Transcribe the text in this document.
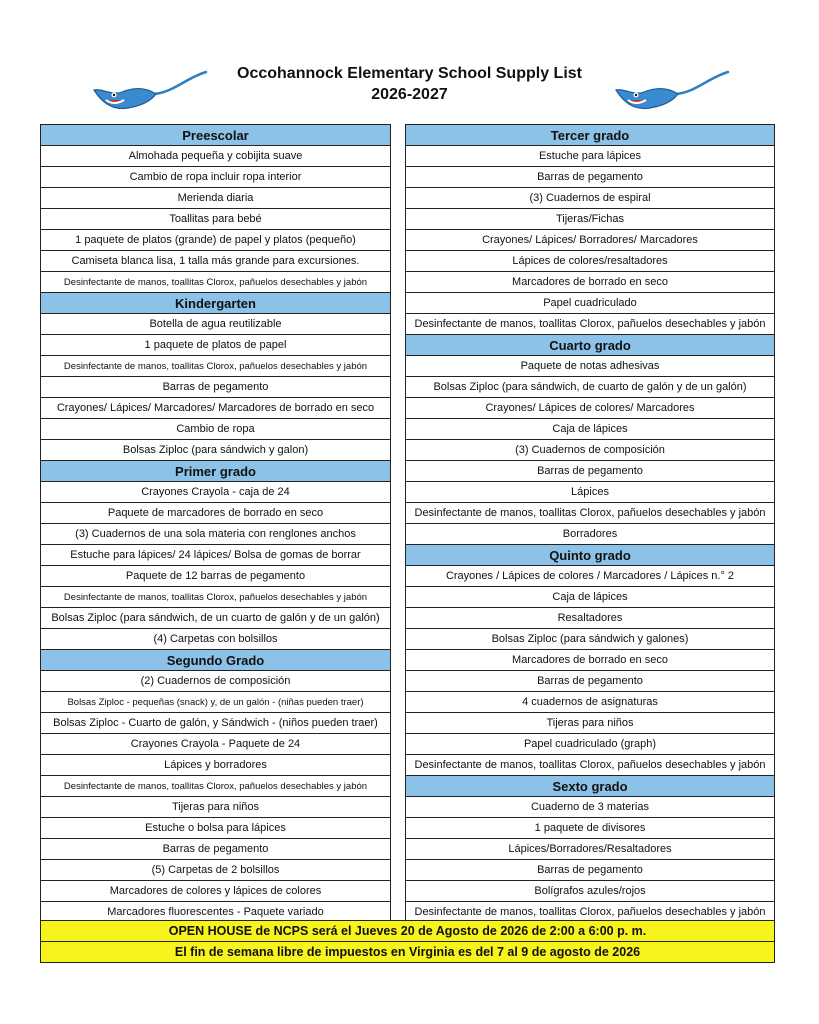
Occohannock Elementary School Supply List
2026-2027
Preescolar
Almohada pequeña y cobijita suave
Cambio de ropa incluir ropa interior
Merienda diaria
Toallitas para bebé
1 paquete de platos (grande) de papel y platos (pequeño)
Camiseta blanca lisa, 1 talla más grande para excursiones.
Desinfectante de manos, toallitas Clorox, pañuelos desechables y jabón
Kindergarten
Botella de agua reutilizable
1 paquete de platos de papel
Desinfectante de manos, toallitas Clorox, pañuelos desechables y jabón
Barras de pegamento
Crayones/ Lápices/ Marcadores/ Marcadores de borrado en seco
Cambio de ropa
Bolsas Ziploc (para sándwich y galon)
Primer grado
Crayones Crayola - caja de 24
Paquete de marcadores de borrado en seco
(3) Cuadernos de una sola materia con renglones anchos
Estuche para lápices/ 24 lápices/ Bolsa de gomas de borrar
Paquete de 12 barras de pegamento
Desinfectante de manos, toallitas Clorox, pañuelos desechables y jabón
Bolsas Ziploc (para sándwich, de un cuarto de galón y de un galón)
(4) Carpetas con bolsillos
Segundo Grado
(2) Cuadernos de composición
Bolsas Ziploc - pequeñas (snack) y, de un galón - (niñas pueden traer)
Bolsas Ziploc - Cuarto de galón, y Sándwich - (niños pueden traer)
Crayones Crayola - Paquete de 24
Lápices y borradores
Desinfectante de manos, toallitas Clorox, pañuelos desechables y jabón
Tijeras para niños
Estuche o bolsa para lápices
Barras de pegamento
(5) Carpetas de 2 bolsillos
Marcadores de colores y lápices de colores
Marcadores fluorescentes - Paquete variado
Tercer grado
Estuche para lápices
Barras de pegamento
(3) Cuadernos de espiral
Tijeras/Fichas
Crayones/ Lápices/ Borradores/ Marcadores
Lápices de colores/resaltadores
Marcadores de borrado en seco
Papel cuadriculado
Desinfectante de manos, toallitas Clorox, pañuelos desechables y jabón
Cuarto grado
Paquete de notas adhesivas
Bolsas Ziploc (para sándwich, de cuarto de galón y de un galón)
Crayones/ Lápices de colores/ Marcadores
Caja de lápices
(3) Cuadernos de composición
Barras de pegamento
Lápices
Desinfectante de manos, toallitas Clorox, pañuelos desechables y jabón
Borradores
Quinto grado
Crayones / Lápices de colores / Marcadores / Lápices n.° 2
Caja de lápices
Resaltadores
Bolsas Ziploc (para sándwich y galones)
Marcadores de borrado en seco
Barras de pegamento
4 cuadernos de asignaturas
Tijeras para niños
Papel cuadriculado (graph)
Desinfectante de manos, toallitas Clorox, pañuelos desechables y jabón
Sexto grado
Cuaderno de 3 materias
1 paquete de divisores
Lápices/Borradores/Resaltadores
Barras de pegamento
Bolígrafos azules/rojos
Desinfectante de manos, toallitas Clorox, pañuelos desechables y jabón
OPEN HOUSE de NCPS será el Jueves 20 de Agosto de 2026 de 2:00 a 6:00 p. m.
El fin de semana libre de impuestos en Virginia es del 7 al 9 de agosto de 2026
